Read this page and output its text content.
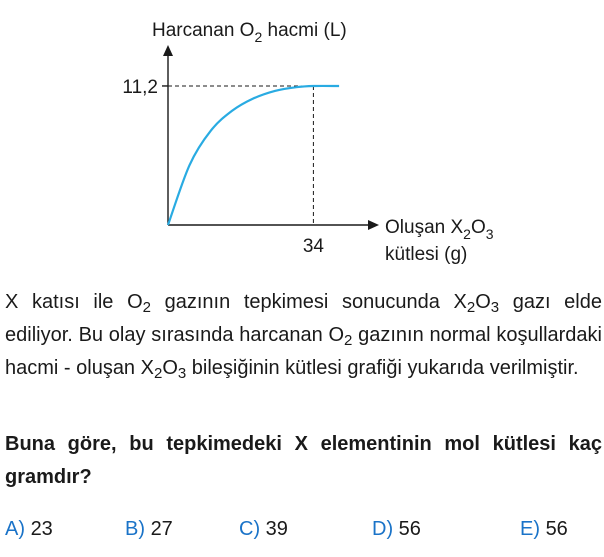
Harcanan $O_2$ hacmi (L)
Oluşan $X_2O_3$
kütlesi (g)
11,2
34
X katısı ile $O_2$ gazının tepkimesi sonucunda $X_2O_3$ gazı elde ediliyor. Bu olay sırasında harcanan $O_2$ gazının normal koşullardaki hacmi - oluşan $X_2O_3$ bileşiğinin kütlesi grafiği yukarıda verilmiştir.
Buna göre, bu tepkimedeki X elementinin mol kütlesi kaç gramdır?
A) 23	B) 27	C) 39	D) 56	E) 56
